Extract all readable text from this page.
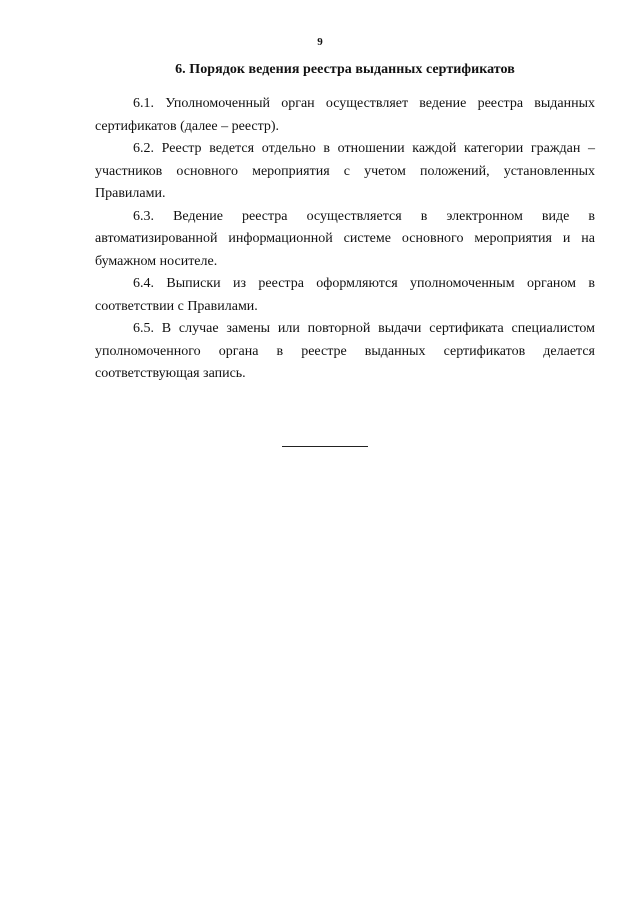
9
6. Порядок ведения реестра выданных сертификатов

6.1. Уполномоченный орган осуществляет ведение реестра выданных сертификатов (далее – реестр).

6.2. Реестр ведется отдельно в отношении каждой категории граждан – участников основного мероприятия с учетом положений, установленных Правилами.

6.3. Ведение реестра осуществляется в электронном виде в автоматизированной информационной системе основного мероприятия и на бумажном носителе.

6.4. Выписки из реестра оформляются уполномоченным органом в соответствии с Правилами.

6.5. В случае замены или повторной выдачи сертификата специалистом уполномоченного органа в реестре выданных сертификатов делается соответствующая запись.
